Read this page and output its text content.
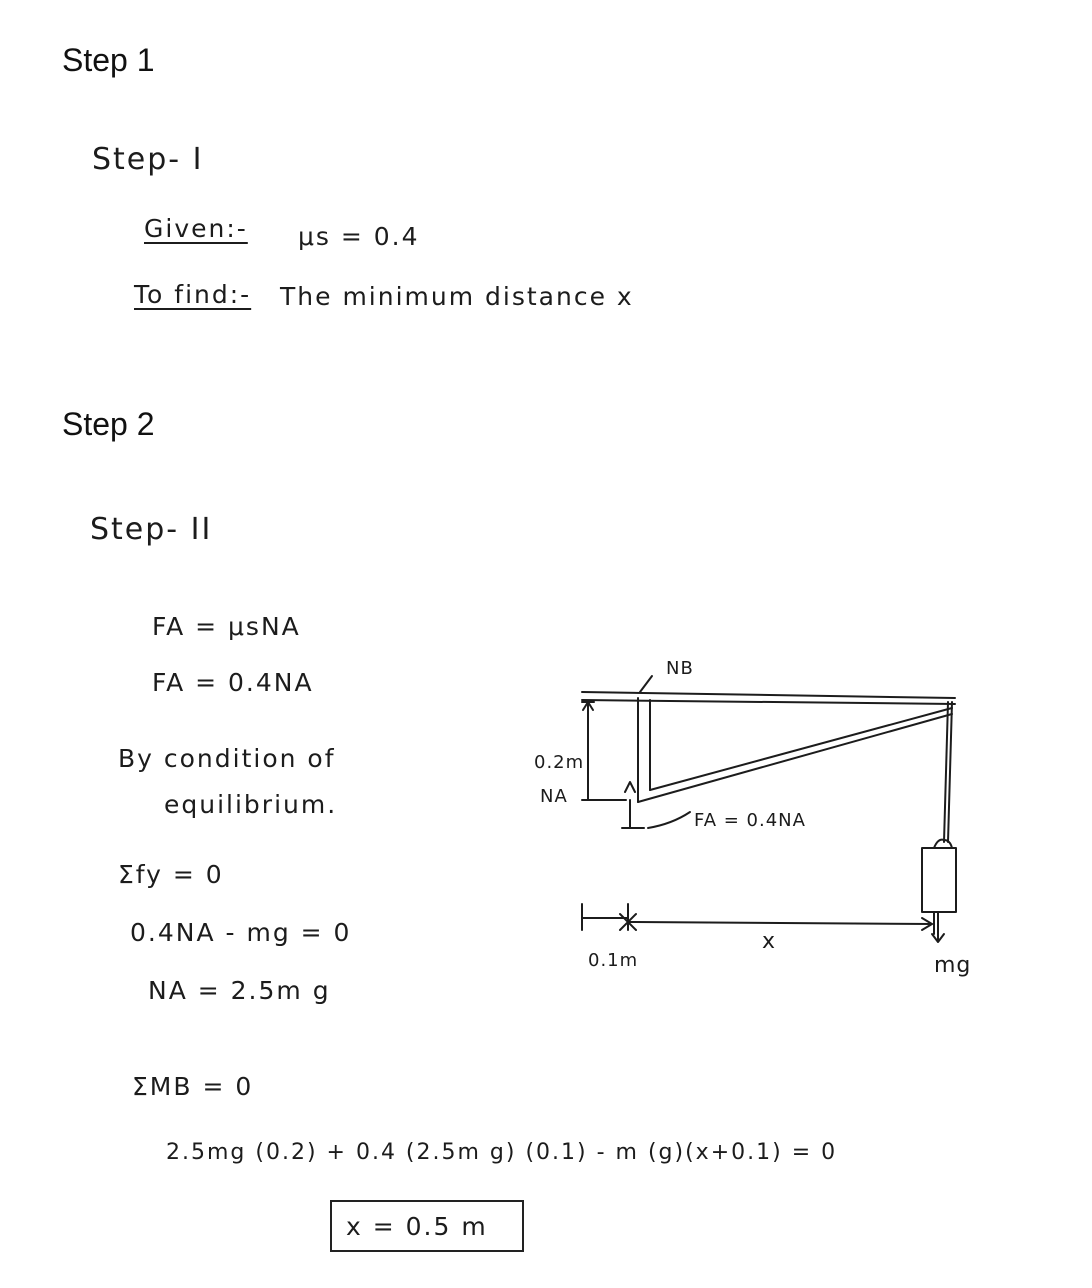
Step 1
Step- I
Given:- μs = 0.4
To find:- The minimum distance x
Step 2
Step- II
FA = μsNA
FA = 0.4NA
By condition of
equilibrium.
Σfy = 0
0.4NA - mg = 0
NA = 2.5m g
ΣMB = 0
2.5mg (0.2) + 0.4 (2.5m g) (0.1) - m (g)(x+0.1) = 0
x = 0.5 m
NB
0.2m
NA
FA = 0.4NA
0.1m
x
mg
